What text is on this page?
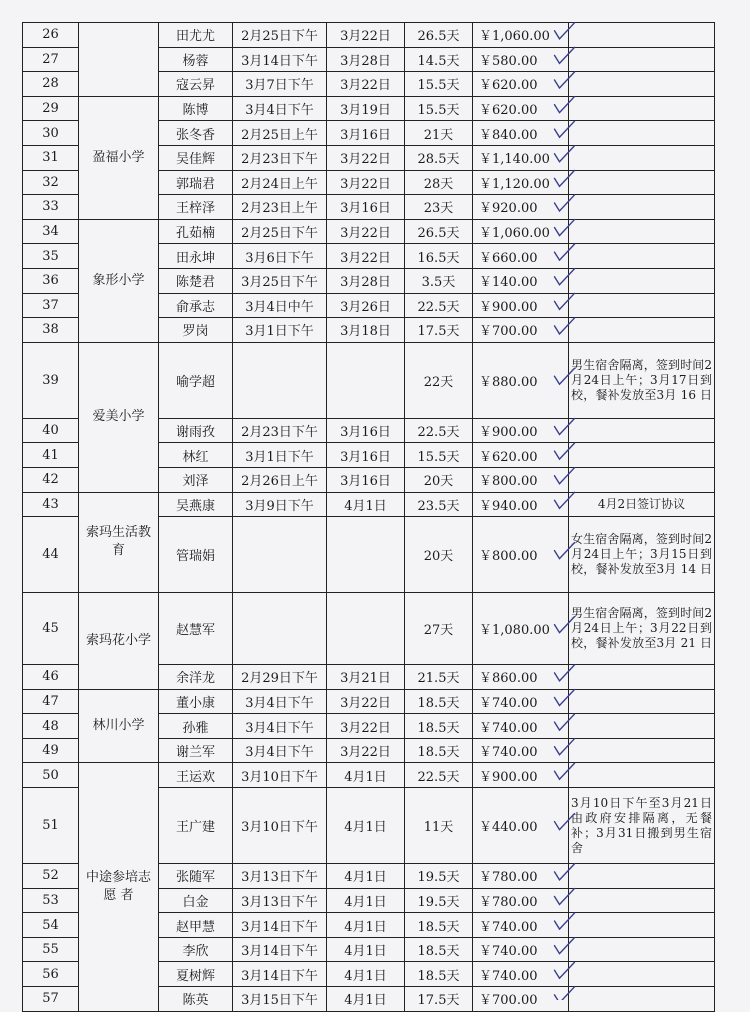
26		田尤尤	2月25日下午	3月22日	26.5天	￥1,060.00	
27		杨蓉	3月14日下午	3月28日	14.5天	￥580.00	
28		寇云昇	3月7日下午	3月22日	15.5天	￥620.00	
29	盈福小学	陈博	3月4日下午	3月19日	15.5天	￥620.00	
30		张冬香	2月25日上午	3月16日	21天	￥840.00	
31		吴佳辉	2月23日下午	3月22日	28.5天	￥1,140.00	
32		郭瑞君	2月24日上午	3月22日	28天	￥1,120.00	
33		王梓泽	2月23日上午	3月16日	23天	￥920.00	
34	象形小学	孔茹楠	2月25日下午	3月22日	26.5天	￥1,060.00	
35		田永坤	3月6日下午	3月22日	16.5天	￥660.00	
36		陈楚君	3月25日下午	3月28日	3.5天	￥140.00	
37		俞承志	3月4日中午	3月26日	22.5天	￥900.00	
38		罗岗	3月1日下午	3月18日	17.5天	￥700.00	
39	爱美小学	喻学超			22天	￥880.00	男生宿舍隔离，签到时间2月24日上午；3月17日到校，餐补发放至3月 16 日
40		谢雨孜	2月23日下午	3月16日	22.5天	￥900.00	
41		林红	3月1日下午	3月16日	15.5天	￥620.00	
42		刘泽	2月26日上午	3月16日	20天	￥800.00	
43	索玛生活教育	吴燕康	3月9日下午	4月1日	23.5天	￥940.00	4月2日签订协议
44		管瑞娟			20天	￥800.00	女生宿舍隔离，签到时间2月24日上午；3月15日到校，餐补发放至3月 14 日
45	索玛花小学	赵慧军			27天	￥1,080.00	男生宿舍隔离，签到时间2月24日上午；3月22日到校，餐补发放至3月 21 日
46		余洋龙	2月29日下午	3月21日	21.5天	￥860.00	
47	林川小学	董小康	3月4日下午	3月22日	18.5天	￥740.00	
48		孙雅	3月4日下午	3月22日	18.5天	￥740.00	
49		谢兰军	3月4日下午	3月22日	18.5天	￥740.00	
50	中途参培志愿 者	王运欢	3月10日下午	4月1日	22.5天	￥900.00	
51		王广建	3月10日下午	4月1日	11天	￥440.00	3月10日下午至3月21日由政府安排隔离，无餐补；3月31日搬到男生宿 舍
52		张随军	3月13日下午	4月1日	19.5天	￥780.00	
53		白金	3月13日下午	4月1日	19.5天	￥780.00	
54		赵甲慧	3月14日下午	4月1日	18.5天	￥740.00	
55		李欣	3月14日下午	4月1日	18.5天	￥740.00	
56		夏树辉	3月14日下午	4月1日	18.5天	￥740.00	
57		陈英	3月15日下午	4月1日	17.5天	￥700.00	
